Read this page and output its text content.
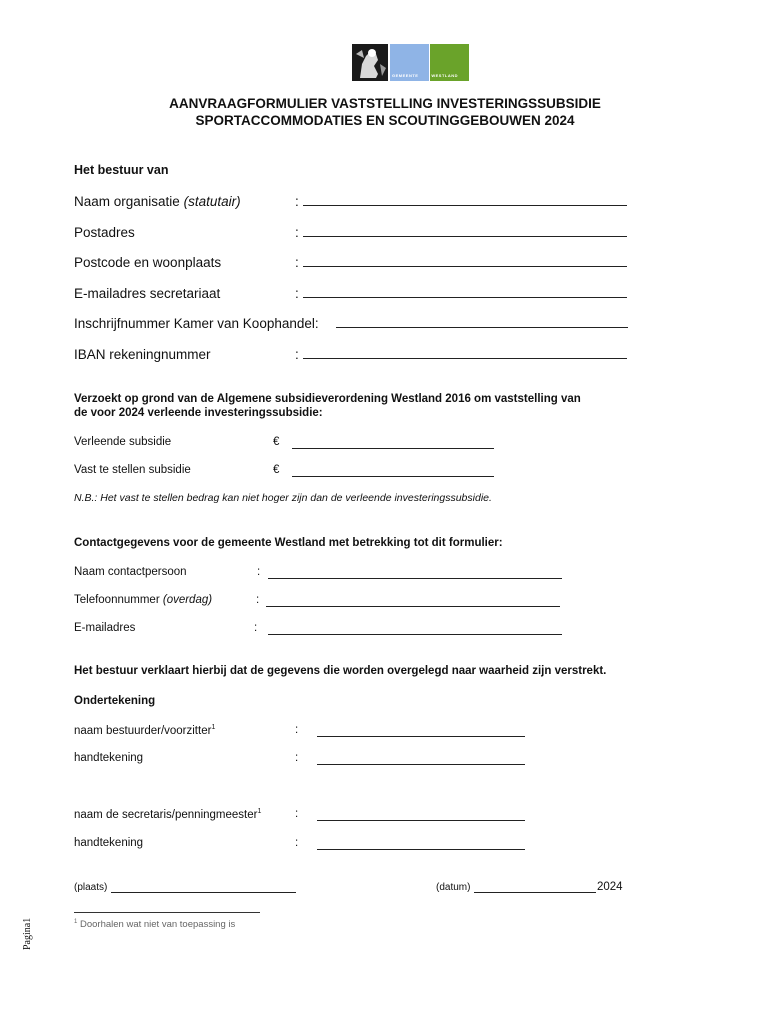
GEMEENTE        WESTLAND
AANVRAAGFORMULIER VASTSTELLING INVESTERINGSSUBSIDIE
SPORTACCOMMODATIES EN SCOUTINGGEBOUWEN 2024
Het bestuur van
Naam organisatie (statutair)	:
Postadres	:
Postcode en woonplaats	:
E-mailadres secretariaat	:
Inschrijfnummer Kamer van Koophandel:
IBAN rekeningnummer	:
Verzoekt op grond van de Algemene subsidieverordening Westland 2016 om vaststelling van
de voor 2024 verleende investeringssubsidie:
Verleende subsidie	€
Vast te stellen subsidie	€
N.B.: Het vast te stellen bedrag kan niet hoger zijn dan de verleende investeringssubsidie.
Contactgegevens voor de gemeente Westland met betrekking tot dit formulier:
Naam contactpersoon	:
Telefoonnummer (overdag)	:
E-mailadres	:
Het bestuur verklaart hierbij dat de gegevens die worden overgelegd naar waarheid zijn verstrekt.
Ondertekening
naam bestuurder/voorzitter$^1$	:
handtekening	:
naam de secretaris/penningmeester$^1$	:
handtekening	:
(plaats)	(datum)	2024
$^1$ Doorhalen wat niet van toepassing is
Pagina1
